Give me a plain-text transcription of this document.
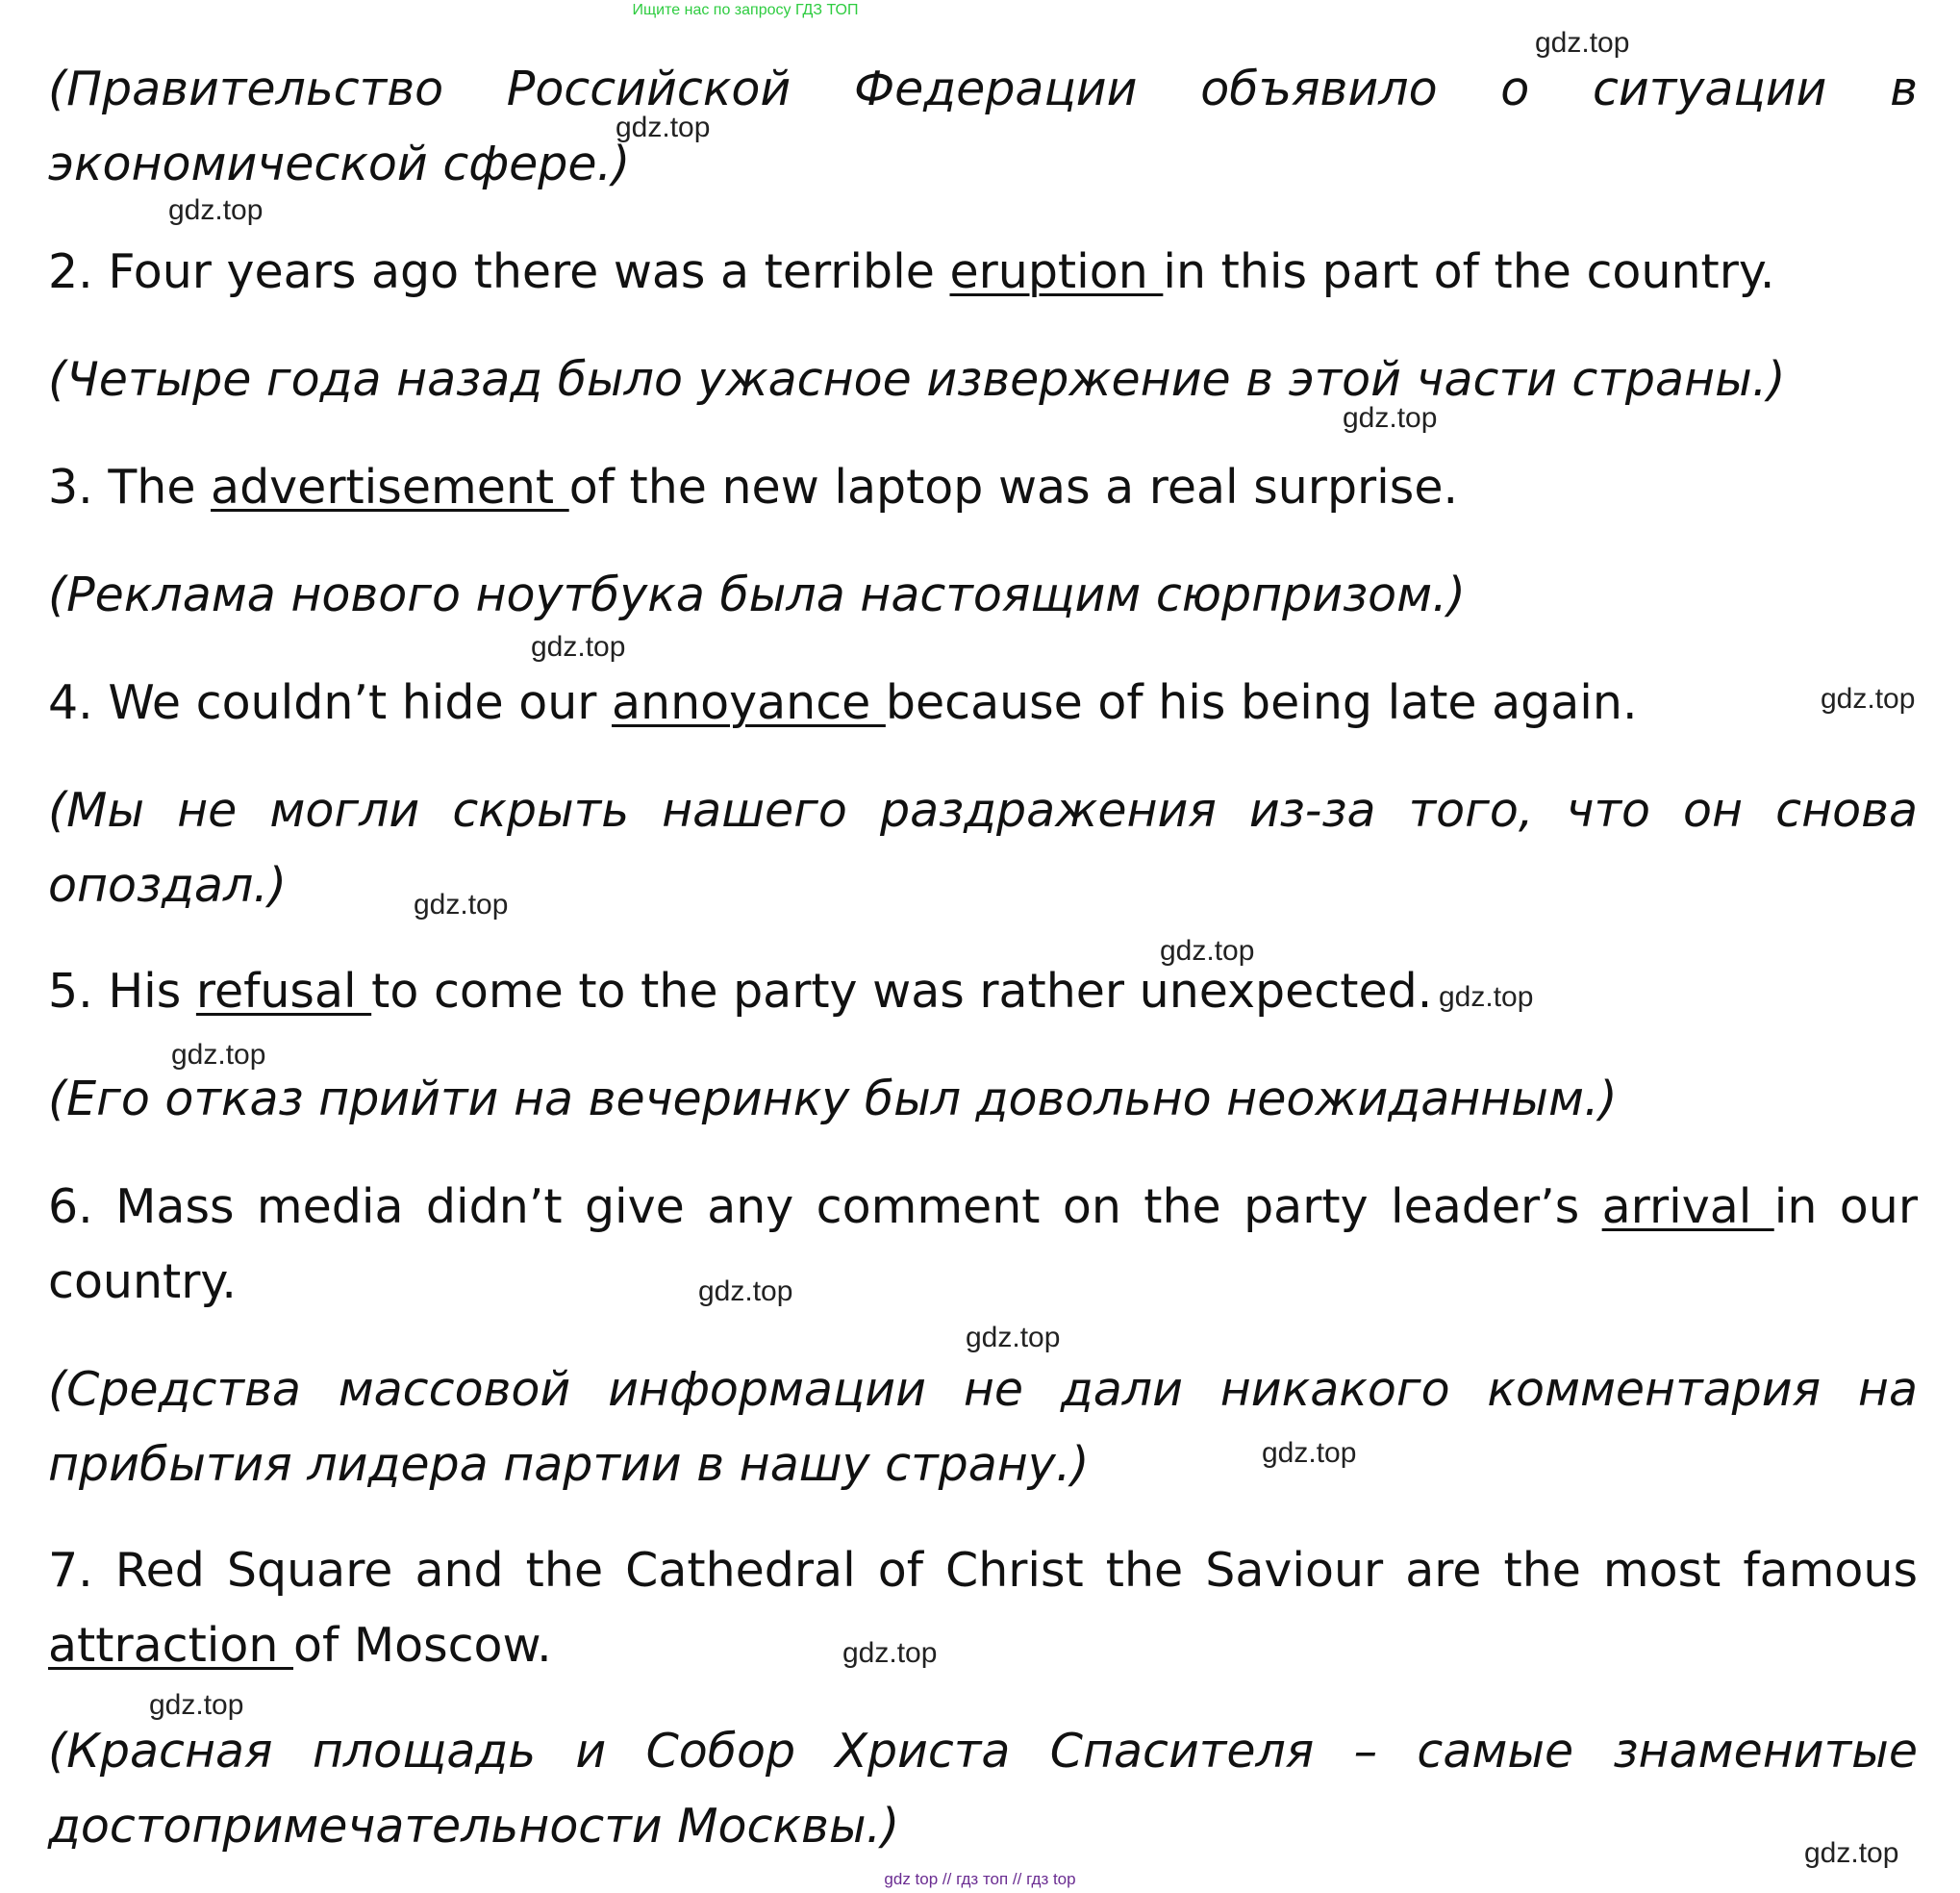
Ищите нас по запросу ГДЗ ТОП
(Правительство Российской Федерации объявило о ситуации в
экономической сфере.)
2. Four years ago there was a terrible eruption in this part of the country.
(Четыре года назад было ужасное извержение в этой части страны.)
3. The advertisement of the new laptop was a real surprise.
(Реклама нового ноутбука была настоящим сюрпризом.)
4. We couldn’t hide our annoyance because of his being late again.
(Мы не могли скрыть нашего раздражения из-за того, что он снова
опоздал.)
5. His refusal to come to the party was rather unexpected.
(Его отказ прийти на вечеринку был довольно неожиданным.)
6. Mass media didn’t give any comment on the party leader’s arrival in our
country.
(Средства массовой информации не дали никакого комментария на
прибытия лидера партии в нашу страну.)
7. Red Square and the Cathedral of Christ the Saviour are the most famous
attraction of Moscow.
(Красная площадь и Собор Христа Спасителя – самые знаменитые
достопримечательности Москвы.)
gdz.top
gdz.top
gdz.top
gdz.top
gdz.top
gdz.top
gdz.top
gdz.top
gdz.top
gdz.top
gdz.top
gdz.top
gdz.top
gdz.top
gdz.top
gdz.top
gdz top // гдз топ // гдз top
